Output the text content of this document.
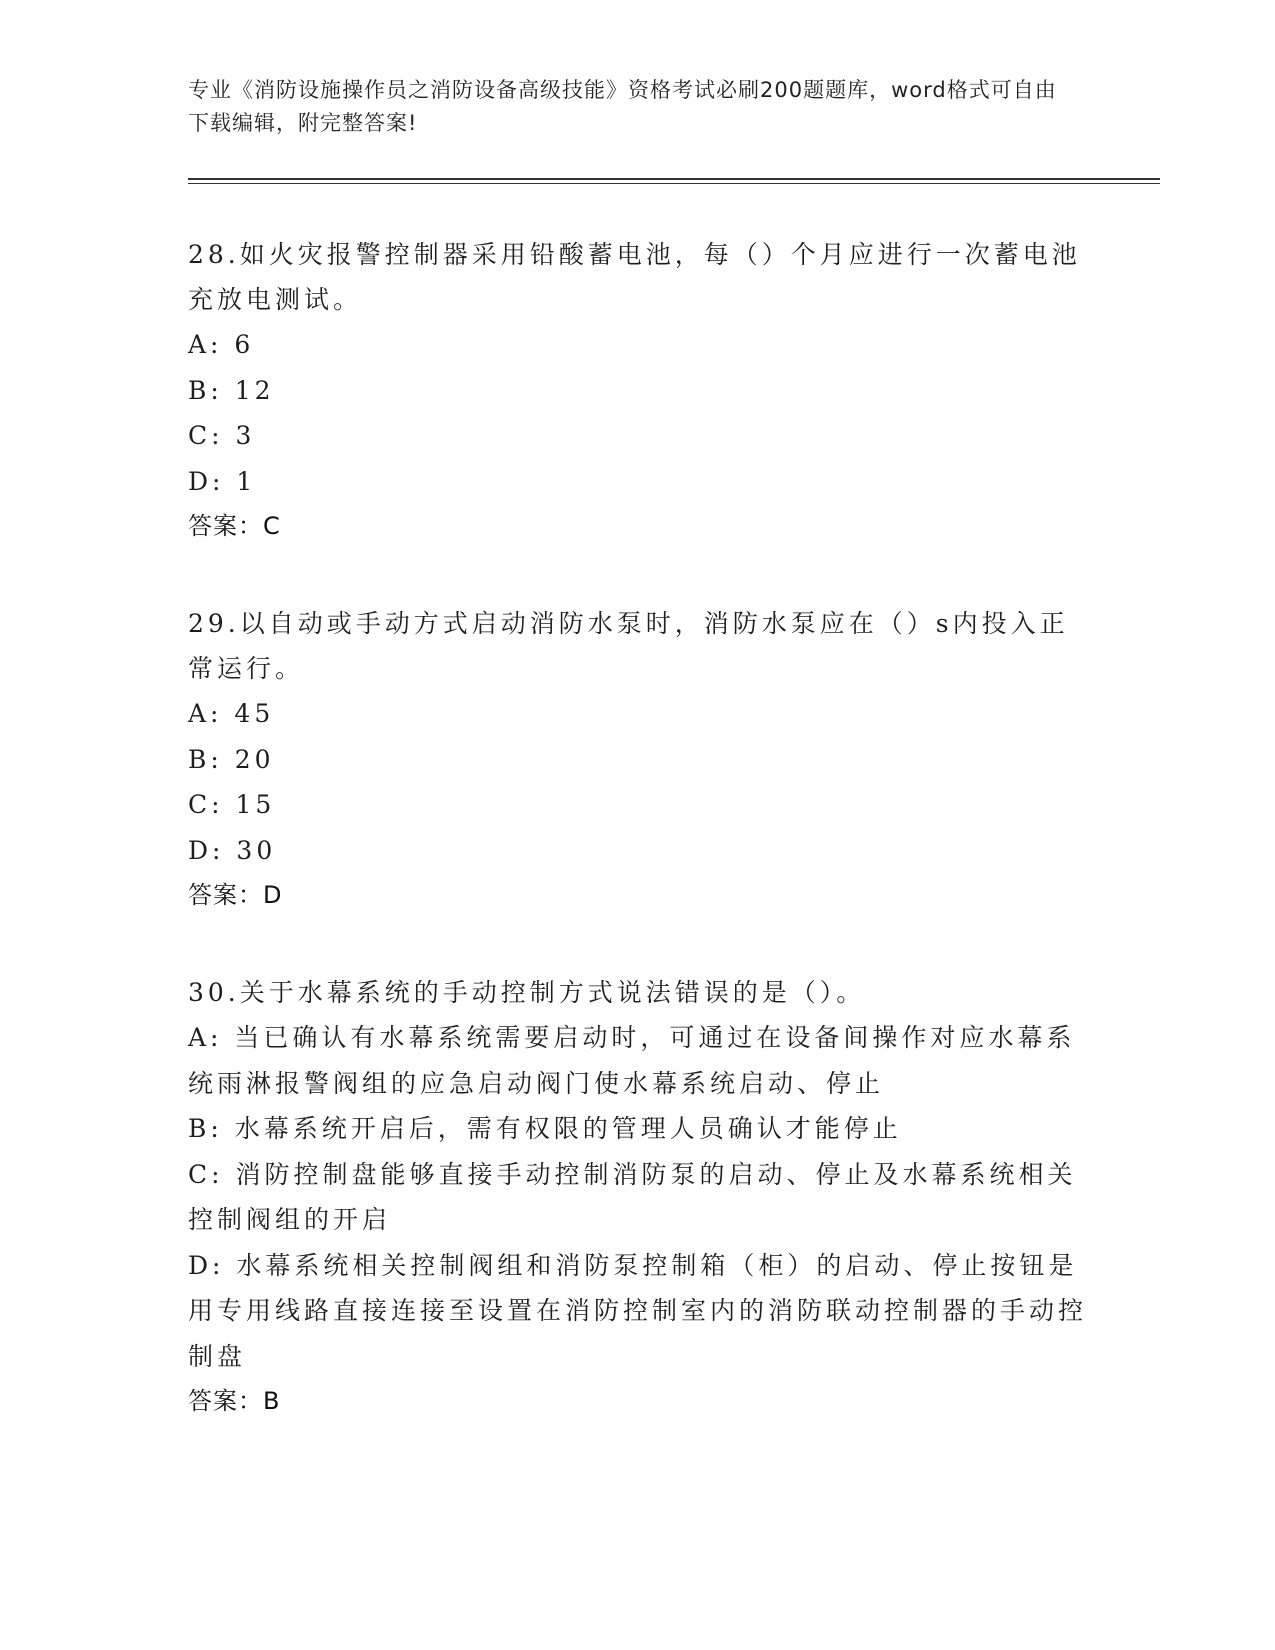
专业《消防设施操作员之消防设备高级技能》资格考试必刷200题题库，word格式可自由下载编辑，附完整答案!

28.如火灾报警控制器采用铅酸蓄电池，每（）个月应进行一次蓄电池充放电测试。

A: 6

B: 12

C: 3

D: 1

答案：C

29.以自动或手动方式启动消防水泵时，消防水泵应在（）s内投入正常运行。

A: 45

B: 20

C: 15

D: 30

答案：D

30.关于水幕系统的手动控制方式说法错误的是（）。

A: 当已确认有水幕系统需要启动时，可通过在设备间操作对应水幕系统雨淋报警阀组的应急启动阀门使水幕系统启动、停止

B: 水幕系统开启后，需有权限的管理人员确认才能停止

C: 消防控制盘能够直接手动控制消防泵的启动、停止及水幕系统相关控制阀组的开启

D: 水幕系统相关控制阀组和消防泵控制箱（柜）的启动、停止按钮是用专用线路直接连接至设置在消防控制室内的消防联动控制器的手动控制盘

答案：B
